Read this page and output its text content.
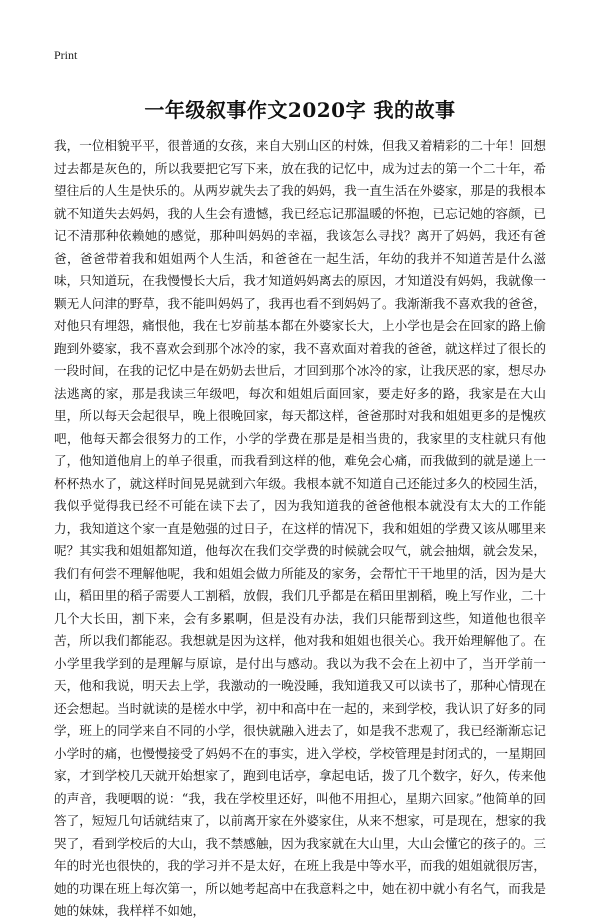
Print
一年级叙事作文2020字 我的故事
我，一位相貌平平，很普通的女孩，来自大别山区的村姝，但我又着精彩的二十年！回想过去都是灰色的，所以我要把它写下来，放在我的记忆中，成为过去的第一个二十年，希望往后的人生是快乐的。从两岁就失去了我的妈妈，我一直生活在外婆家，那是的我根本就不知道失去妈妈，我的人生会有遗憾，我已经忘记那温暖的怀抱，已忘记她的容颜，已记不清那种依赖她的感觉，那种叫妈妈的幸福，我该怎么寻找？离开了妈妈，我还有爸爸，爸爸带着我和姐姐两个人生活，和爸爸在一起生活，年幼的我并不知道苦是什么滋味，只知道玩，在我慢慢长大后，我才知道妈妈离去的原因，才知道没有妈妈，我就像一颗无人问津的野草，我不能叫妈妈了，我再也看不到妈妈了。我渐渐我不喜欢我的爸爸，对他只有埋怨，痛恨他，我在七岁前基本都在外婆家长大，上小学也是会在回家的路上偷跑到外婆家，我不喜欢会到那个冰冷的家，我不喜欢面对着我的爸爸，就这样过了很长的一段时间，在我的记忆中是在奶奶去世后，才回到那个冰冷的家，让我厌恶的家，想尽办法逃离的家，那是我读三年级吧，每次和姐姐后面回家，要走好多的路，我家是在大山里，所以每天会起很早，晚上很晚回家，每天都这样，爸爸那时对我和姐姐更多的是愧疚吧，他每天都会很努力的工作，小学的学费在那是是相当贵的，我家里的支柱就只有他了，他知道他肩上的单子很重，而我看到这样的他，难免会心痛，而我做到的就是递上一杯杯热水了，就这样时间晃晃就到六年级。我根本就不知道自己还能过多久的校园生活，我似乎觉得我已经不可能在读下去了，因为我知道我的爸爸他根本就没有太大的工作能力，我知道这个家一直是勉强的过日子，在这样的情况下，我和姐姐的学费又该从哪里来呢？其实我和姐姐都知道，他每次在我们交学费的时候就会叹气，就会抽烟，就会发呆，我们有何尝不理解他呢，我和姐姐会做力所能及的家务，会帮忙干干地里的活，因为是大山，稻田里的稻子需要人工割稻，放假，我们几乎都是在稻田里割稻，晚上写作业，二十几个大长田，割下来，会有多累啊，但是没有办法，我们只能帮到这些，知道他也很辛苦，所以我们都能忍。我想就是因为这样，他对我和姐姐也很关心。我开始理解他了。在小学里我学到的是理解与原谅，是付出与感动。我以为我不会在上初中了，当开学前一天，他和我说，明天去上学，我激动的一晚没睡，我知道我又可以读书了，那种心情现在还会想起。当时就读的是槎水中学，初中和高中在一起的，来到学校，我认识了好多的同学，班上的同学来自不同的小学，很快就融入进去了，如是我不悲观了，我已经渐渐忘记小学时的痛，也慢慢接受了妈妈不在的事实，进入学校，学校管理是封闭式的，一星期回家，才到学校几天就开始想家了，跑到电话亭，拿起电话，拨了几个数字，好久，传来他的声音，我哽咽的说：“我，我在学校里还好，叫他不用担心，星期六回家。”他简单的回答了，短短几句话就结束了，以前离开家在外婆家住，从来不想家，可是现在，想家的我哭了，看到学校后的大山，我不禁感触，因为我家就在大山里，大山会懂它的孩子的。三年的时光也很快的，我的学习并不是太好，在班上我是中等水平，而我的姐姐就很厉害，她的功课在班上每次第一，所以她考起高中在我意料之中，她在初中就小有名气，而我是她的妹妹，我样样不如她，
